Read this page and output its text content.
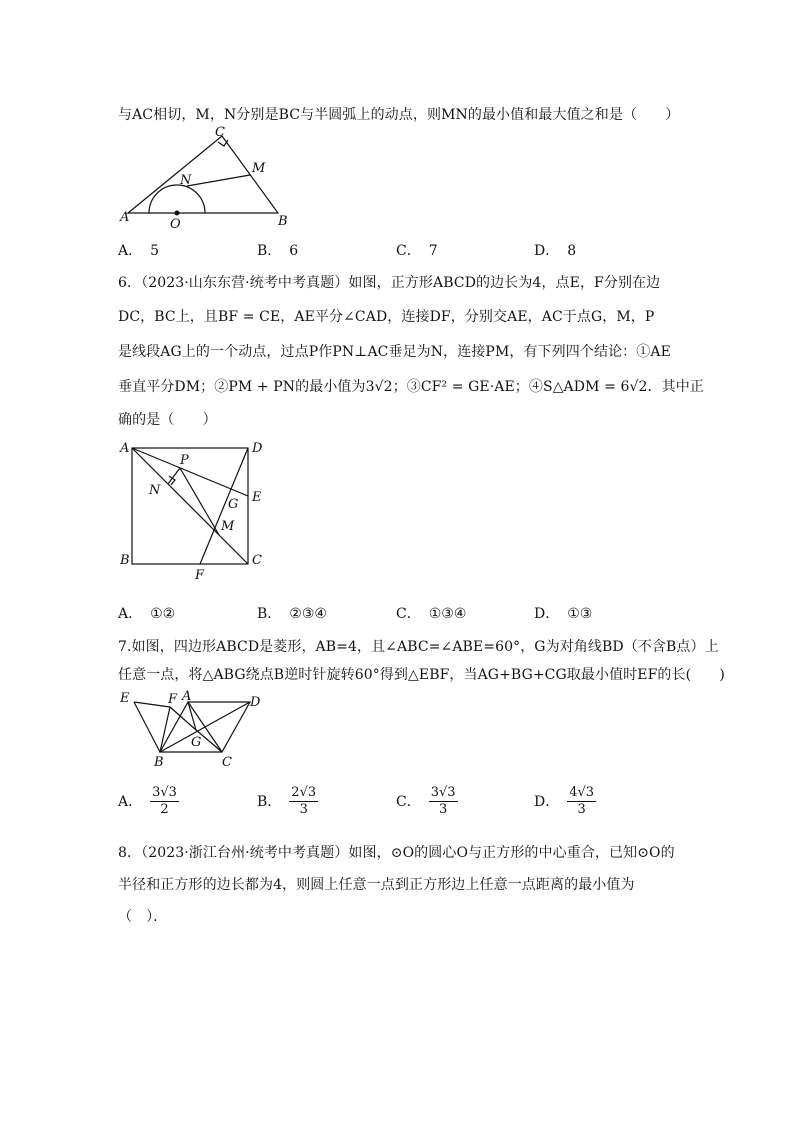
与AC相切，M，N分别是BC与半圆弧上的动点，则MN的最小值和最大值之和是（　　）
A	B
C
O
M
N
A． 5	B． 6	C． 7	D． 8
6．（2023·山东东营·统考中考真题）如图，正方形ABCD的边长为4，点E，F分别在边
DC，BC上，且BF = CE，AE平分∠CAD，连接DF，分别交AE，AC于点G，M，P
是线段AG上的一个动点，过点P作PN⊥AC垂足为N，连接PM，有下列四个结论：①AE
垂直平分DM；②PM + PN的最小值为3√2；③CF² = GE·AE；④S△ADM = 6√2．其中正
确的是（　　）
A	D
B	C
E
F
G
M
P
N
A． ①②	B． ②③④	C． ①③④	D． ①③
7.如图，四边形ABCD是菱形，AB=4，且∠ABC=∠ABE=60°，G为对角线BD（不含B点）上
任意一点，将△ABG绕点B逆时针旋转60°得到△EBF，当AG+BG+CG取最小值时EF的长(　　)
E	F A	D
G
B	C
A． $\frac{3√3}{2}$	B． $\frac{2√3}{3}$	C． $\frac{3√3}{3}$	D． $\frac{4√3}{3}$
8．（2023·浙江台州·统考中考真题）如图，⊙O的圆心O与正方形的中心重合，已知⊙O的
半径和正方形的边长都为4，则圆上任意一点到正方形边上任意一点距离的最小值为
（　）．
